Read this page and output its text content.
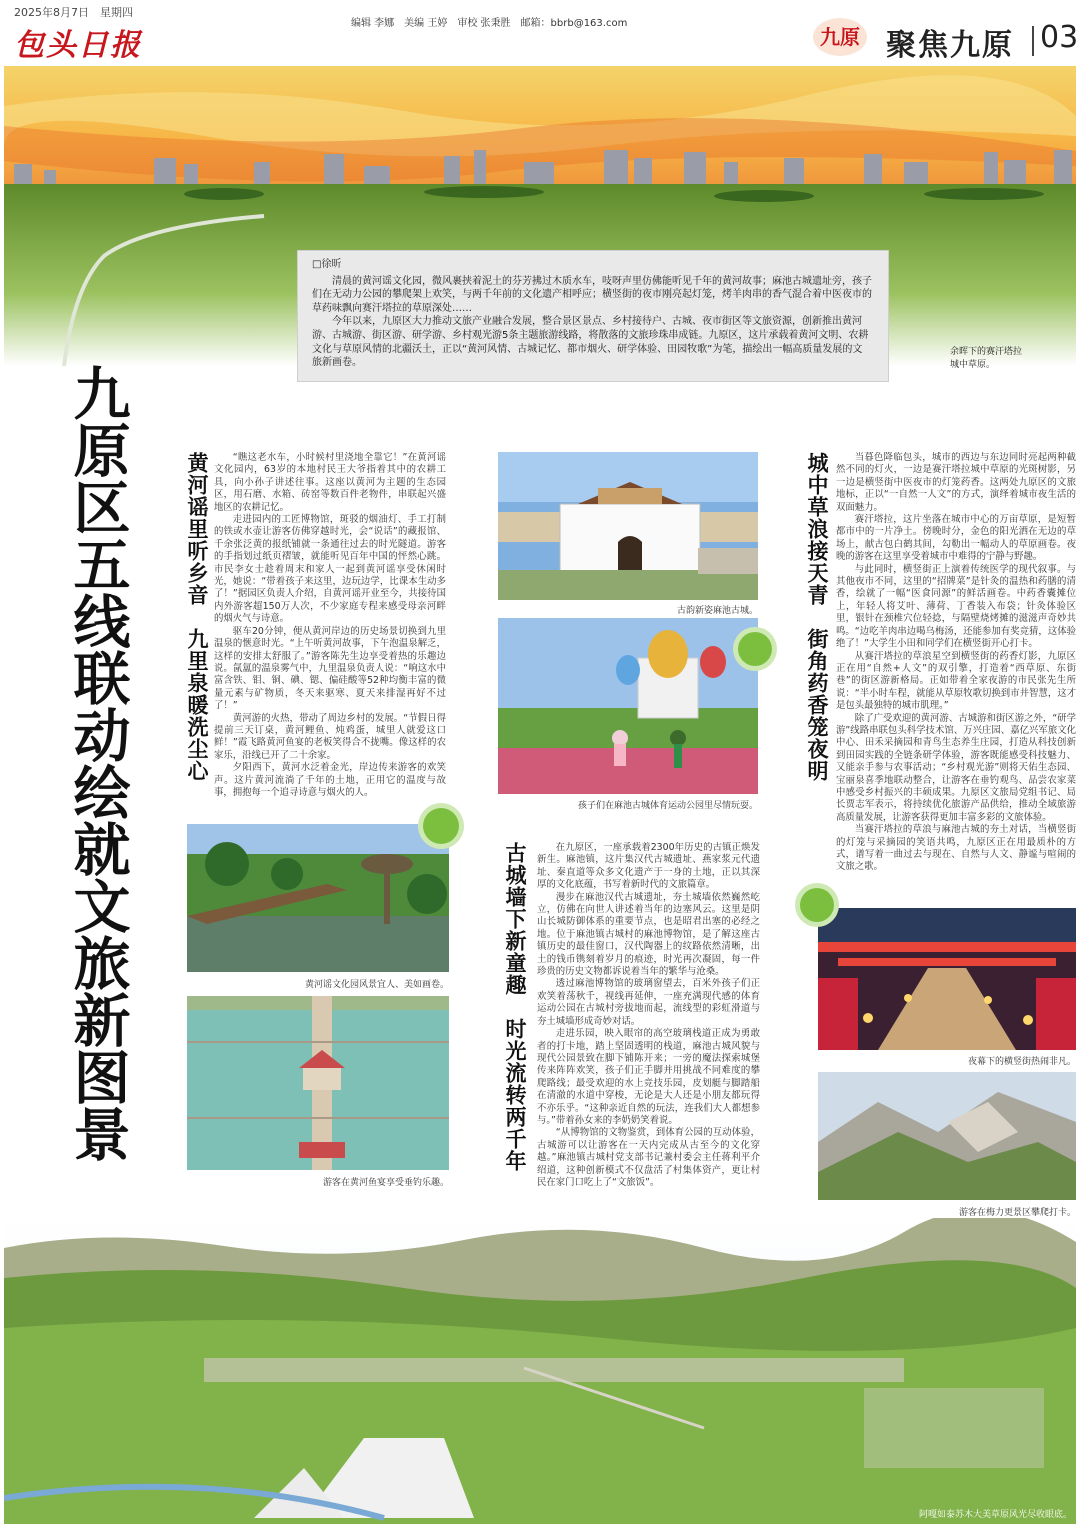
2025年8月7日　星期四
包头日报
编辑 李娜　美编 王婷　审校 张秉胜　邮箱：bbrb@163.com
九原 聚焦九原 03
余晖下的赛汗塔拉城中草原。
□徐昕

清晨的黄河谣文化园，微风裹挟着泥土的芬芳拂过木质水车，吱呀声里仿佛能听见千年的黄河故事；麻池古城遗址旁，孩子们在无动力公园的攀爬架上欢笑，与两千年前的文化遗产相呼应；横竖街的夜市刚亮起灯笼，烤羊肉串的香气混合着中医夜市的草药味飘向赛汗塔拉的草原深处……

今年以来，九原区大力推动文旅产业融合发展，整合景区景点、乡村接待户、古城、夜市街区等文旅资源，创新推出黄河游、古城游、街区游、研学游、乡村观光游5条主题旅游线路，将散落的文旅珍珠串成链。九原区，这片承载着黄河文明、农耕文化与草原风情的北疆沃土，正以“黄河风情、古城记忆、都市烟火、研学体验、田园牧歌”为笔，描绘出一幅高质量发展的文旅新画卷。

九原区五线联动绘就文旅新图景	黄河谣里听乡音　九里泉暖洗尘心	“瞧这老水车，小时候村里浇地全靠它！”在黄河谣文化园内，63岁的本地村民王大爷指着其中的农耕工具，向小孙子讲述往事。这座以黄河为主题的生态园区，用石磨、水箱、砖窑等数百件老物件，串联起兴盛地区的农耕记忆。

走进园内的工匠博物馆，斑驳的烟油灯、手工打制的铁或水壶让游客仿佛穿越时光，会“说话”的藏报馆、千余张泛黄的报纸铺就一条通往过去的时光隧道。游客的手指划过纸页褶皱，就能听见百年中国的怦然心跳。市民李女士趁着周末和家人一起到黄河谣享受休闲时光，她说：“带着孩子来这里，边玩边学，比课本生动多了！”据园区负责人介绍，自黄河谣开业至今，共接待国内外游客超150万人次，不少家庭专程来感受母亲河畔的烟火气与诗意。

驱车20分钟，便从黄河岸边的历史场景切换到九里温泉的惬意时光。“上午听黄河故事，下午泡温泉解乏，这样的安排太舒服了。”游客陈先生边享受着热的乐趣边说。氤氲的温泉雾气中，九里温泉负责人说：“响这水中富含铁、钼、铜、碘、锶、偏硅酸等52种均衡丰富的微量元素与矿物质，冬天来驱寒、夏天来排湿再好不过了！”

黄河游的火热，带动了周边乡村的发展。“节假日得提前三天订桌，黄河鲤鱼、炖鸡蛋，城里人就爱这口鲜！”霞飞路黄河鱼宴的老板笑得合不拢嘴。像这样的农家乐，沿线已开了二十余家。

夕阳西下，黄河水泛着金光，岸边传来游客的欢笑声。这片黄河流淌了千年的土地，正用它的温度与故事，拥抱每一个追寻诗意与烟火的人。

古城墙下新童趣　时光流转两千年	在九原区，一座承载着2300年历史的古镇正焕发新生。麻池镇，这片集汉代古城遗址、燕家浆元代遗址、秦直道等众多文化遗产于一身的土地，正以其深厚的文化底蕴，书写着新时代的文旅篇章。

漫步在麻池汉代古城遗址，夯土城墙依然巍然屹立，仿佛在向世人讲述着当年的边塞风云。这里是阴山长城防御体系的重要节点，也是昭君出塞的必经之地。位于麻池镇古城村的麻池博物馆，是了解这座古镇历史的最佳窗口，汉代陶器上的纹路依然清晰，出土的钱币镌刻着岁月的痕迹，时光再次凝固，每一件珍贵的历史文物都诉说着当年的繁华与沧桑。

透过麻池博物馆的玻璃窗望去，百米外孩子们正欢笑着荡秋千，视线再延伸，一座充满现代感的体育运动公园在古城村旁拔地而起，流线型的彩虹滑道与夯土城墙形成奇妙对话。

走进乐园，映入眼帘的高空玻璃栈道正成为勇敢者的打卡地，踏上坚固透明的栈道，麻池古城风貌与现代公园景致在脚下铺陈开来；一旁的魔法探索城堡传来阵阵欢笑，孩子们正手脚并用挑战不同难度的攀爬路线；最受欢迎的水上竞技乐园，皮划艇与脚踏船在清澈的水道中穿梭，无论是大人还是小朋友都玩得不亦乐乎。“这种亲近自然的玩法，连我们大人都想参与。”带着孙女来的李奶奶笑着说。

“从博物馆的文物鉴赏，到体育公园的互动体验，古城游可以让游客在一天内完成从古至今的文化穿越。”麻池镇古城村党支部书记兼村委会主任蒋利平介绍道，这种创新模式不仅盘活了村集体资产，更让村民在家门口吃上了“文旅饭”。

城中草浪接天青　街角药香笼夜明	当暮色降临包头，城市的西边与东边同时亮起两种截然不同的灯火，一边是赛汗塔拉城中草原的光斑树影，另一边是横竖街中医夜市的灯笼药香。这两处九原区的文旅地标，正以“一自然一人文”的方式，演绎着城市夜生活的双面魅力。

赛汗塔拉，这片坐落在城市中心的万亩草原，是短暂都市中的一片净土。傍晚时分，金色的阳光洒在无边的草场上，献古包白鹤其间，勾勒出一幅动人的草原画卷。夜晚的游客在这里享受着城市中难得的宁静与野趣。

与此同时，横竖街正上演着传统医学的现代叙事。与其他夜市不同，这里的“招牌菜”是针灸的温热和药膳的清香，绘就了一幅“医食同源”的鲜活画卷。中药香囊摊位上，年轻人将艾叶、薄荷、丁香装入布袋；针灸体验区里，银针在颈椎穴位轻捻，与隔壁烧烤摊的滋滋声奇妙共鸣。“边吃羊肉串边喝乌梅汤，还能参加有奖竞猜，这体验绝了！”大学生小田和同学们在横竖街开心打卡。

从赛汗塔拉的草浪星空到横竖街的药香灯影，九原区正在用“自然+人文”的双引擎，打造着“西草原、东街巷”的街区游新格局。正如带着全家夜游的市民张先生所说：“半小时车程，就能从草原牧歌切换到市井智慧，这才是包头最独特的城市肌理。”

除了广受欢迎的黄河游、古城游和街区游之外，“研学游”线路串联包头科学技术馆、万兴庄园、嘉亿兴军旅文化中心、田禾采摘园和青鸟生态养生庄园，打造从科技创新到田园实践的全链条研学体验，游客既能感受科技魅力、又能亲手参与农事活动；“乡村观光游”则将天佑生态园、宝丽泉喜季地联动整合，让游客在垂钓观鸟、品尝农家菜中感受乡村振兴的丰硕成果。九原区文旅局党组书记、局长贾志军表示，将持续优化旅游产品供给，推动全域旅游高质量发展，让游客获得更加丰富多彩的文旅体验。

当赛汗塔拉的草浪与麻池古城的夯土对话，当横竖街的灯笼与采摘园的笑语共鸣，九原区正在用最质朴的方式，谱写着一曲过去与现在、自然与人文、静谧与喧闹的文旅之歌。

古韵新姿麻池古城。
孩子们在麻池古城体育运动公园里尽情玩耍。
黄河谣文化园风景宜人、美如画卷。
游客在黄河鱼宴享受垂钓乐趣。
夜幕下的横竖街热闹非凡。
游客在梅力更景区攀爬打卡。
阿嘎如泰苏木大美草原风光尽收眼底。
